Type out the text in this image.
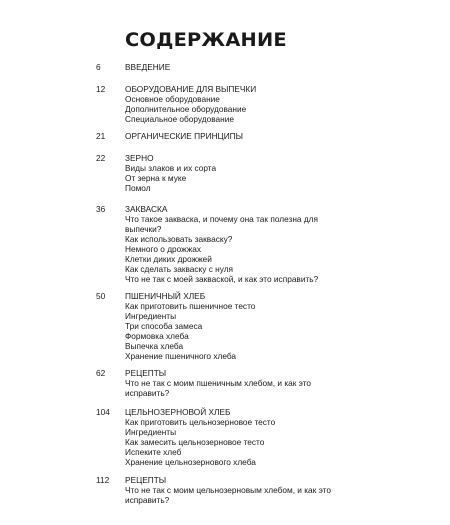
СОДЕРЖАНИЕ
6	ВВЕДЕНИЕ
12 ОБОРУДОВАНИЕ ДЛЯ ВЫПЕЧКИ
Основное оборудование
Дополнительное оборудование
Специальное оборудование
21 ОРГАНИЧЕСКИЕ ПРИНЦИПЫ
22 ЗЕРНО
Виды злаков и их сорта
От зерна к муке
Помол
36 ЗАКВАСКА
Что такое закваска, и почему она так полезна для выпечки?
Как использовать закваску?
Немного о дрожжах
Клетки диких дрожжей
Как сделать закваску с нуля
Что не так с моей закваской, и как это исправить?
50 ПШЕНИЧНЫЙ ХЛЕБ
Как приготовить пшеничное тесто
Ингредиенты
Три способа замеса
Формовка хлеба
Выпечка хлеба
Хранение пшеничного хлеба
62 РЕЦЕПТЫ
Что не так с моим пшеничным хлебом, и как это исправить?
104 ЦЕЛЬНОЗЕРНОВОЙ ХЛЕБ
Как приготовить цельнозерновое тесто
Ингредиенты
Как замесить цельнозерновое тесто
Испеките хлеб
Хранение цельнозернового хлеба
112 РЕЦЕПТЫ
Что не так с моим цельнозерновым хлебом, и как это исправить?
